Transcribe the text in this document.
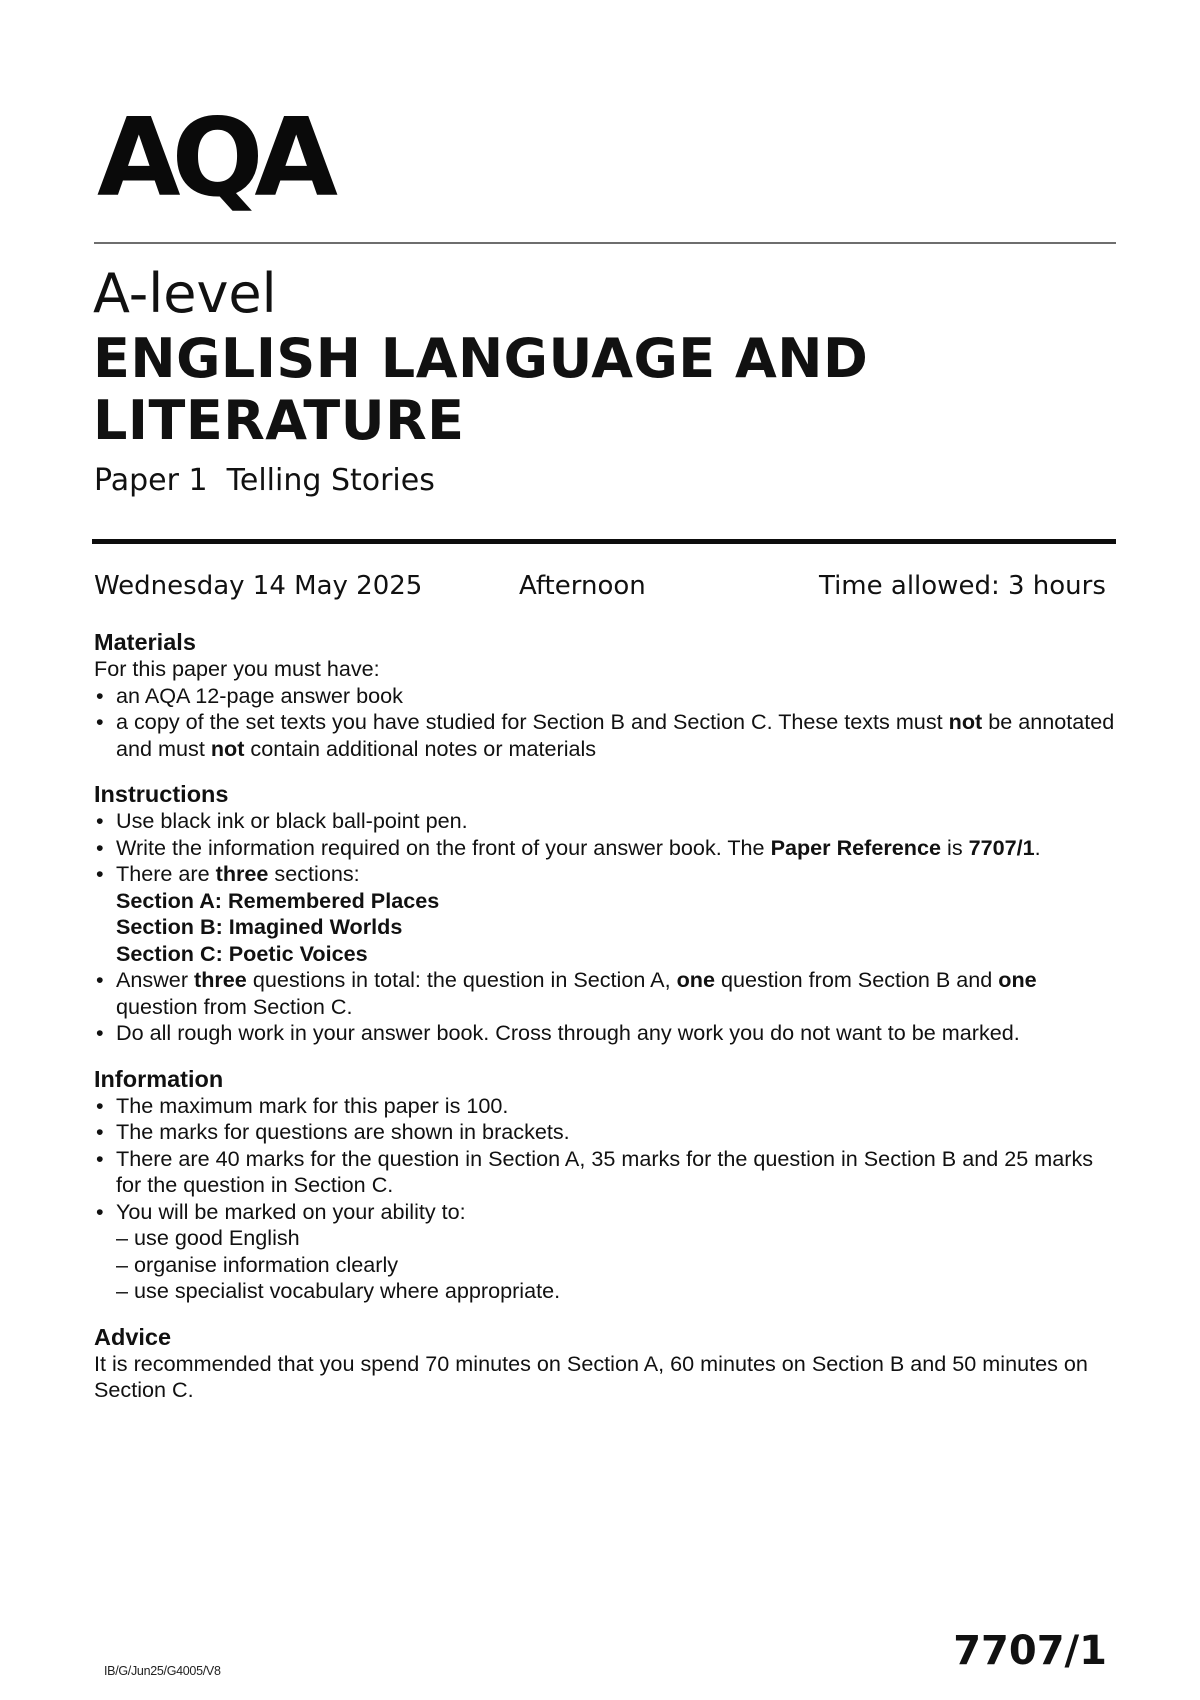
AQA
A-level
ENGLISH LANGUAGE AND
LITERATURE
Paper 1  Telling Stories
Wednesday 14 May 2025	Afternoon	Time allowed: 3 hours
Materials
For this paper you must have:
• an AQA 12-page answer book
• a copy of the set texts you have studied for Section B and Section C. These texts must not be annotated and must not contain additional notes or materials
Instructions
• Use black ink or black ball-point pen.
• Write the information required on the front of your answer book. The Paper Reference is 7707/1.
• There are three sections:
Section A: Remembered Places
Section B: Imagined Worlds
Section C: Poetic Voices
• Answer three questions in total: the question in Section A, one question from Section B and one question from Section C.
• Do all rough work in your answer book. Cross through any work you do not want to be marked.
Information
• The maximum mark for this paper is 100.
• The marks for questions are shown in brackets.
• There are 40 marks for the question in Section A, 35 marks for the question in Section B and 25 marks for the question in Section C.
• You will be marked on your ability to:
– use good English
– organise information clearly
– use specialist vocabulary where appropriate.
Advice
It is recommended that you spend 70 minutes on Section A, 60 minutes on Section B and 50 minutes on Section C.
7707/1
IB/G/Jun25/G4005/V8
